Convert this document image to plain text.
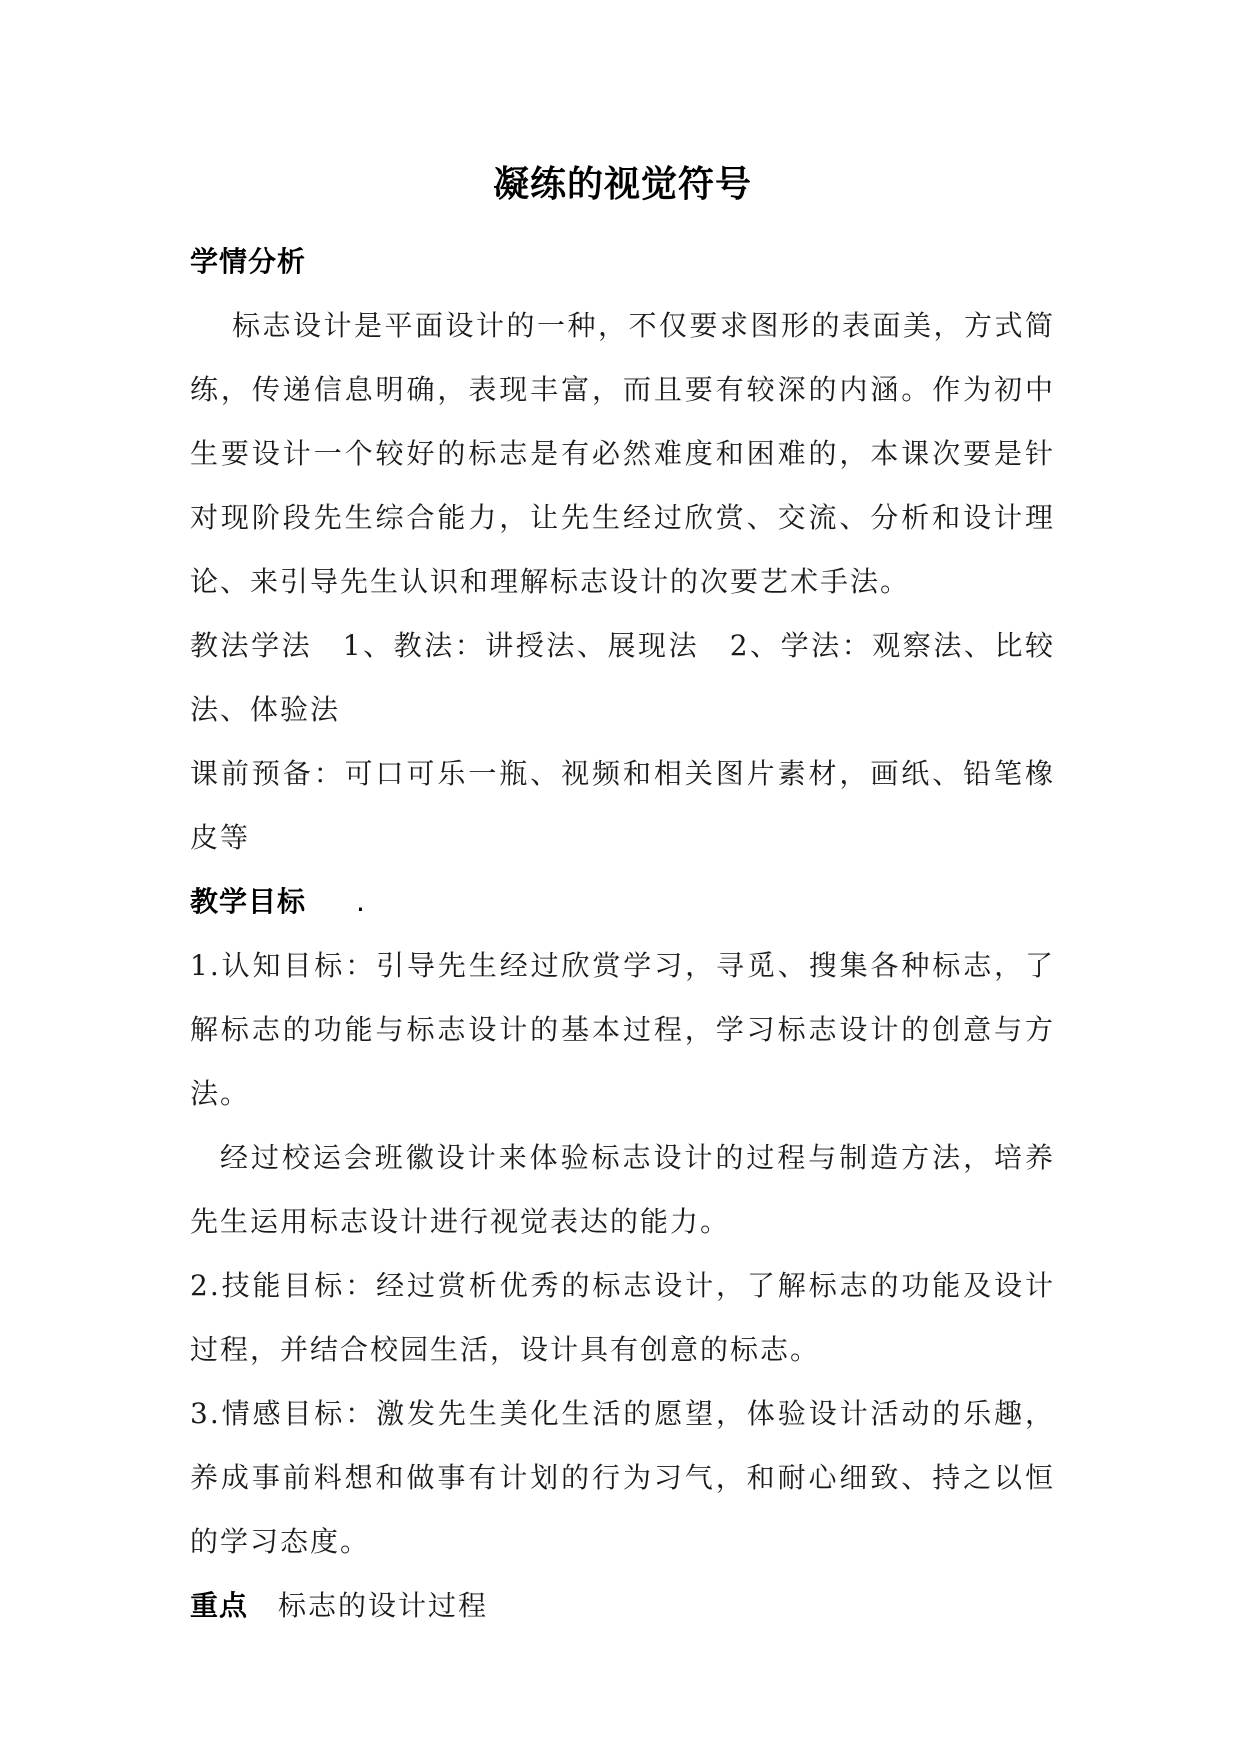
凝练的视觉符号
学情分析

标志设计是平面设计的一种，不仅要求图形的表面美，方式简练，传递信息明确，表现丰富，而且要有较深的内涵。作为初中生要设计一个较好的标志是有必然难度和困难的，本课次要是针对现阶段先生综合能力，让先生经过欣赏、交流、分析和设计理论、来引导先生认识和理解标志设计的次要艺术手法。

教法学法　1、教法：讲授法、展现法　2、学法：观察法、比较法、体验法

课前预备：可口可乐一瓶、视频和相关图片素材，画纸、铅笔橡皮等

教学目标 .

1.认知目标：引导先生经过欣赏学习，寻觅、搜集各种标志，了解标志的功能与标志设计的基本过程，学习标志设计的创意与方法。

经过校运会班徽设计来体验标志设计的过程与制造方法，培养先生运用标志设计进行视觉表达的能力。

2.技能目标：经过赏析优秀的标志设计，了解标志的功能及设计过程，并结合校园生活，设计具有创意的标志。

3.情感目标：激发先生美化生活的愿望，体验设计活动的乐趣，养成事前料想和做事有计划的行为习气，和耐心细致、持之以恒的学习态度。

重点 标志的设计过程
